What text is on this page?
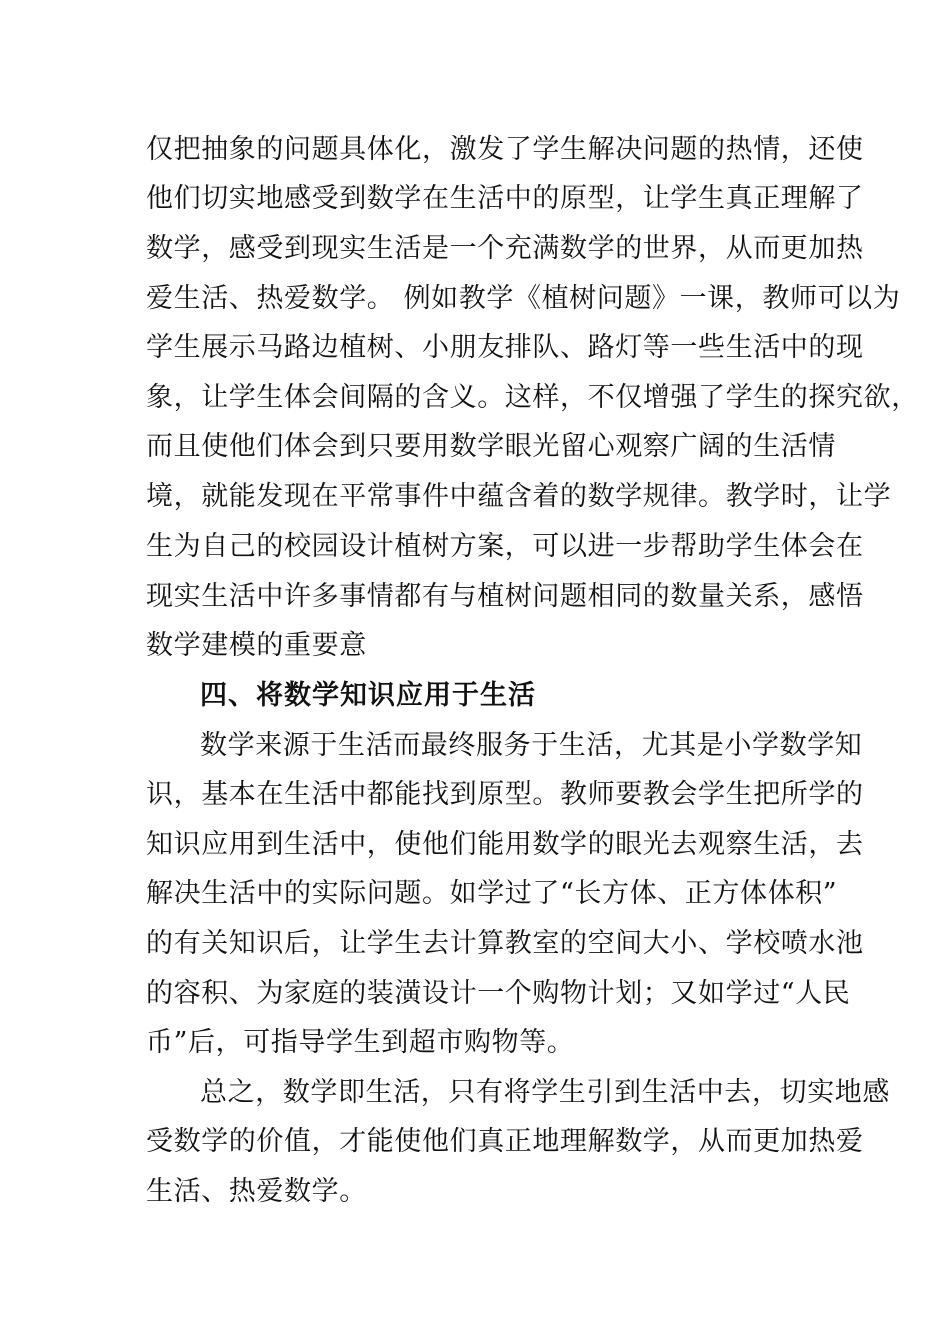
仅把抽象的问题具体化，激发了学生解决问题的热情，还使
他们切实地感受到数学在生活中的原型，让学生真正理解了
数学，感受到现实生活是一个充满数学的世界，从而更加热
爱生活、热爱数学。 例如教学《植树问题》一课，教师可以为
学生展示马路边植树、小朋友排队、路灯等一些生活中的现
象，让学生体会间隔的含义。这样，不仅增强了学生的探究欲，
而且使他们体会到只要用数学眼光留心观察广阔的生活情
境，就能发现在平常事件中蕴含着的数学规律。教学时，让学
生为自己的校园设计植树方案，可以进一步帮助学生体会在
现实生活中许多事情都有与植树问题相同的数量关系，感悟
数学建模的重要意
四、将数学知识应用于生活
数学来源于生活而最终服务于生活，尤其是小学数学知
识，基本在生活中都能找到原型。教师要教会学生把所学的
知识应用到生活中，使他们能用数学的眼光去观察生活，去
解决生活中的实际问题。如学过了“长方体、正方体体积”
的有关知识后，让学生去计算教室的空间大小、学校喷水池
的容积、为家庭的装潢设计一个购物计划；又如学过“人民
币”后，可指导学生到超市购物等。
总之，数学即生活，只有将学生引到生活中去，切实地感
受数学的价值，才能使他们真正地理解数学，从而更加热爱
生活、热爱数学。
